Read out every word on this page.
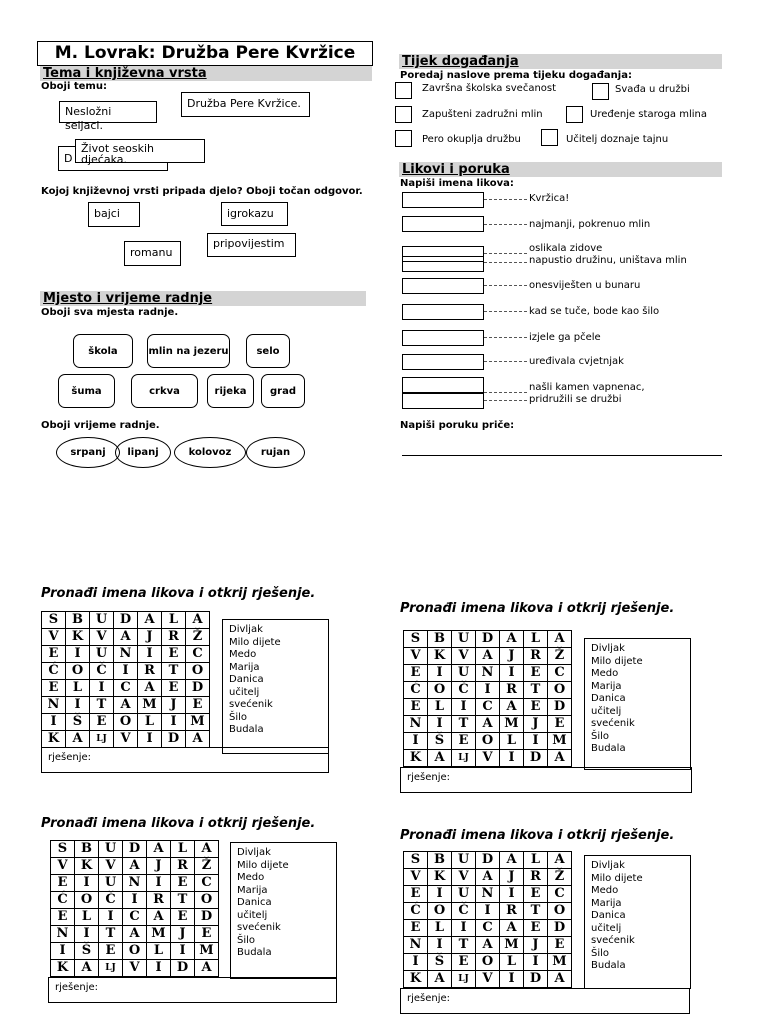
M. Lovrak: Družba Pere Kvržice
Tema i književna vrsta
Oboji temu:
Nesložni seljaci.
Družba Pere Kvržice.
D
Život seoskih djećaka.
Kojoj književnoj vrsti pripada djelo? Oboji točan odgovor.
bajci	igrokazu
romanu
pripovijestim
Mjesto i vrijeme radnje
Oboji sva mjesta radnje.
škola	mlin na jezeru	selo
šuma	crkva	rijeka	grad
Oboji vrijeme radnje.
srpanj	lipanj	kolovoz	rujan
Tijek događanja
Poredaj naslove prema tijeku događanja:
Završna školska svečanost	Svađa u družbi
Zapušteni zadružni mlin	Uređenje staroga mlina
Pero okuplja družbu	Učitelj doznaje tajnu
Likovi i poruka
Napiši imena likova:
Kvržica!
najmanji, pokrenuo mlin
oslikala zidove
napustio družinu, uništava mlin
onesviješten u bunaru
kad se tuče, bode kao šilo
izjele ga pčele
uređivala cvjetnjak
našli kamen vapnenac,
pridružili se družbi
Napiši poruku priče:
Pronađi imena likova i otkrij rješenje.
S	B	U	D	A	L	A
V	K	V	A	J	R	Ž
E	I	U	N	I	E	C
Ć	O	Č	I	R	T	O
E	L	I	C	A	E	D
N	I	T	A	M	J	E
I	Š	E	O	L	I	M
K	A	LJ	V	I	D	A
Divljak
Milo dijete
Medo
Marija
Danica
učitelj
svećenik
Šilo
Budala
rješenje:
Pronađi imena likova i otkrij rješenje.
S	B	U	D	A	L	A
V	K	V	A	J	R	Ž
E	I	U	N	I	E	C
Ć	O	Č	I	R	T	O
E	L	I	C	A	E	D
N	I	T	A	M	J	E
I	Š	E	O	L	I	M
K	A	LJ	V	I	D	A
Divljak
Milo dijete
Medo
Marija
Danica
učitelj
svećenik
Šilo
Budala
rješenje:
Pronađi imena likova i otkrij rješenje.
S	B	U	D	A	L	A
V	K	V	A	J	R	Ž
E	I	U	N	I	E	C
Ć	O	Č	I	R	T	O
E	L	I	C	A	E	D
N	I	T	A	M	J	E
I	Š	E	O	L	I	M
K	A	LJ	V	I	D	A
Divljak
Milo dijete
Medo
Marija
Danica
učitelj
svećenik
Šilo
Budala
rješenje:
Pronađi imena likova i otkrij rješenje.
S	B	U	D	A	L	A
V	K	V	A	J	R	Ž
E	I	U	N	I	E	C
Ć	O	Č	I	R	T	O
E	L	I	C	A	E	D
N	I	T	A	M	J	E
I	Š	E	O	L	I	M
K	A	LJ	V	I	D	A
Divljak
Milo dijete
Medo
Marija
Danica
učitelj
svećenik
Šilo
Budala
rješenje:
